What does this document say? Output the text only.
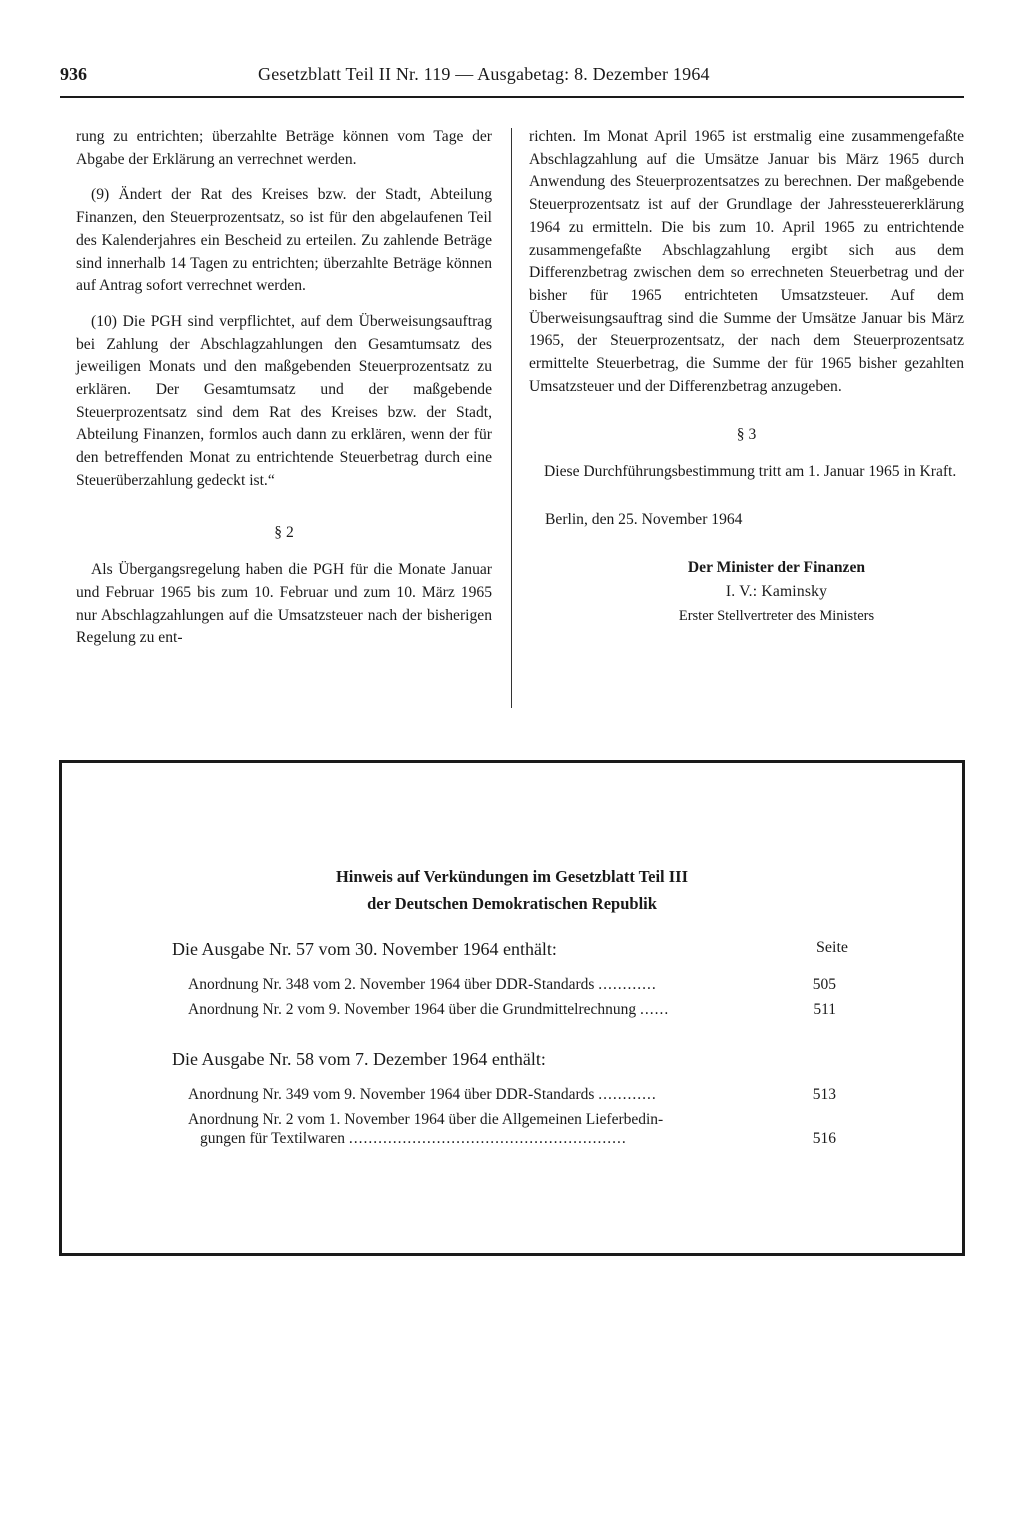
936	Gesetzblatt Teil II Nr. 119 — Ausgabetag: 8. Dezember 1964

rung zu entrichten; überzahlte Beträge können vom Tage der Abgabe der Erklärung an verrechnet werden.

(9) Ändert der Rat des Kreises bzw. der Stadt, Abteilung Finanzen, den Steuerprozentsatz, so ist für den abgelaufenen Teil des Kalenderjahres ein Bescheid zu erteilen. Zu zahlende Beträge sind innerhalb 14 Tagen zu entrichten; überzahlte Beträge können auf Antrag sofort verrechnet werden.

(10) Die PGH sind verpflichtet, auf dem Überweisungsauftrag bei Zahlung der Abschlagzahlungen den Gesamtumsatz des jeweiligen Monats und den maßgebenden Steuerprozentsatz zu erklären. Der Gesamtumsatz und der maßgebende Steuerprozentsatz sind dem Rat des Kreises bzw. der Stadt, Abteilung Finanzen, formlos auch dann zu erklären, wenn der für den betreffenden Monat zu entrichtende Steuerbetrag durch eine Steuerüberzahlung gedeckt ist.“

§ 2

Als Übergangsregelung haben die PGH für die Monate Januar und Februar 1965 bis zum 10. Februar und zum 10. März 1965 nur Abschlagzahlungen auf die Umsatzsteuer nach der bisherigen Regelung zu ent-

richten. Im Monat April 1965 ist erstmalig eine zusammengefaßte Abschlagzahlung auf die Umsätze Januar bis März 1965 durch Anwendung des Steuerprozentsatzes zu berechnen. Der maßgebende Steuerprozentsatz ist auf der Grundlage der Jahressteuererklärung 1964 zu ermitteln. Die bis zum 10. April 1965 zu entrichtende zusammengefaßte Abschlagzahlung ergibt sich aus dem Differenzbetrag zwischen dem so errechneten Steuerbetrag und der bisher für 1965 entrichteten Umsatzsteuer. Auf dem Überweisungsauftrag sind die Summe der Umsätze Januar bis März 1965, der Steuerprozentsatz, der nach dem Steuerprozentsatz ermittelte Steuerbetrag, die Summe der für 1965 bisher gezahlten Umsatzsteuer und der Differenzbetrag anzugeben.

§ 3

Diese Durchführungsbestimmung tritt am 1. Januar 1965 in Kraft.

Berlin, den 25. November 1964
Der Minister der Finanzen
I. V.: Kaminsky
Erster Stellvertreter des Ministers
Hinweis auf Verkündungen im Gesetzblatt Teil III
der Deutschen Demokratischen Republik
Die Ausgabe Nr. 57 vom 30. November 1964 enthält:	Seite
Anordnung Nr. 348 vom 2. November 1964 über DDR-Standards ............	505
Anordnung Nr. 2 vom 9. November 1964 über die Grundmittelrechnung ......	511
Die Ausgabe Nr. 58 vom 7. Dezember 1964 enthält:
Anordnung Nr. 349 vom 9. November 1964 über DDR-Standards ............	513
Anordnung Nr. 2 vom 1. November 1964 über die Allgemeinen Lieferbedin-
gungen für Textilwaren .........................................................	516
